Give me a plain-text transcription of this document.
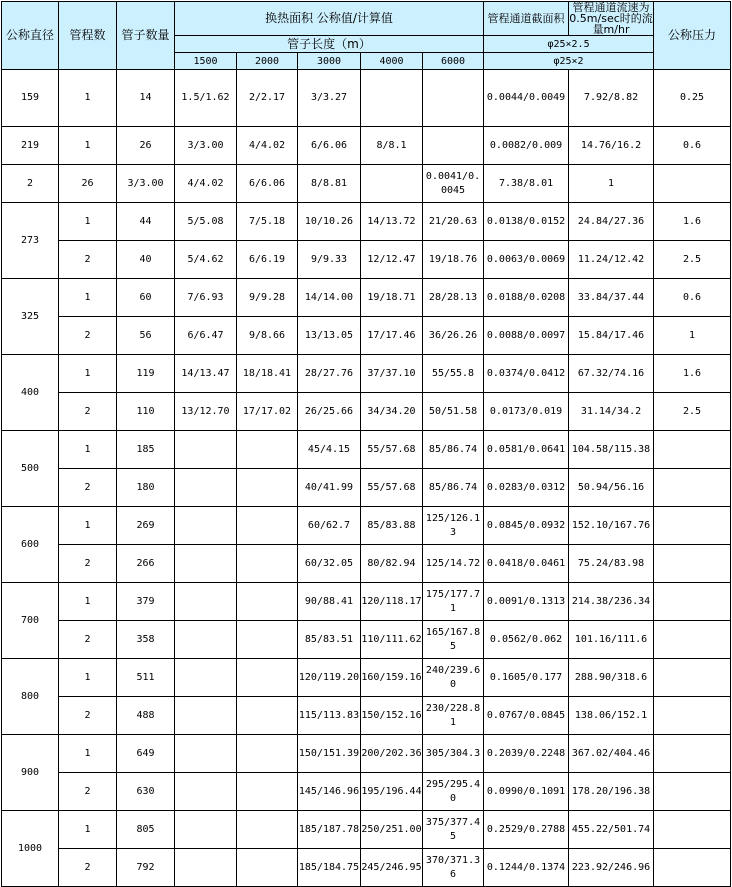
公称直径	管程数	管子数量	换热面积 公称值/计算值					管程通道截面积	管程通道流速为0.5m/sec时的流量m/hr	公称压力
			管子长度（m）					φ25×2.5		
			1500	2000	3000	4000	6000	φ25×2		
159	1	14	1.5/1.62	2/2.17	3/3.27			0.0044/0.0049	7.92/8.82	0.25
219	1	26	3/3.00	4/4.02	6/6.06	8/8.1		0.0082/0.009	14.76/16.2	0.6
2	26	3/3.00	4/4.02	6/6.06	8/8.81		0.0041/0.0045	7.38/8.01	1	
273	1	44	5/5.08	7/5.18	10/10.26	14/13.72	21/20.63	0.0138/0.0152	24.84/27.36	1.6
	2	40	5/4.62	6/6.19	9/9.33	12/12.47	19/18.76	0.0063/0.0069	11.24/12.42	2.5
325	1	60	7/6.93	9/9.28	14/14.00	19/18.71	28/28.13	0.0188/0.0208	33.84/37.44	0.6
	2	56	6/6.47	9/8.66	13/13.05	17/17.46	36/26.26	0.0088/0.0097	15.84/17.46	1
400	1	119	14/13.47	18/18.41	28/27.76	37/37.10	55/55.8	0.0374/0.0412	67.32/74.16	1.6
	2	110	13/12.70	17/17.02	26/25.66	34/34.20	50/51.58	0.0173/0.019	31.14/34.2	2.5
500	1	185			45/4.15	55/57.68	85/86.74	0.0581/0.0641	104.58/115.38	
	2	180			40/41.99	55/57.68	85/86.74	0.0283/0.0312	50.94/56.16	
600	1	269			60/62.7	85/83.88	125/126.13	0.0845/0.0932	152.10/167.76	
	2	266			60/32.05	80/82.94	125/14.72	0.0418/0.0461	75.24/83.98	
700	1	379			90/88.41	120/118.17	175/177.71	0.0091/0.1313	214.38/236.34	
	2	358			85/83.51	110/111.62	165/167.85	0.0562/0.062	101.16/111.6	
800	1	511			120/119.20	160/159.16	240/239.60	0.1605/0.177	288.90/318.6	
	2	488			115/113.83	150/152.16	230/228.81	0.0767/0.0845	138.06/152.1	
900	1	649			150/151.39	200/202.36	305/304.3	0.2039/0.2248	367.02/404.46	
	2	630			145/146.96	195/196.44	295/295.40	0.0990/0.1091	178.20/196.38	
1000	1	805			185/187.78	250/251.00	375/377.45	0.2529/0.2788	455.22/501.74	
	2	792			185/184.75	245/246.95	370/371.36	0.1244/0.1374	223.92/246.96	
